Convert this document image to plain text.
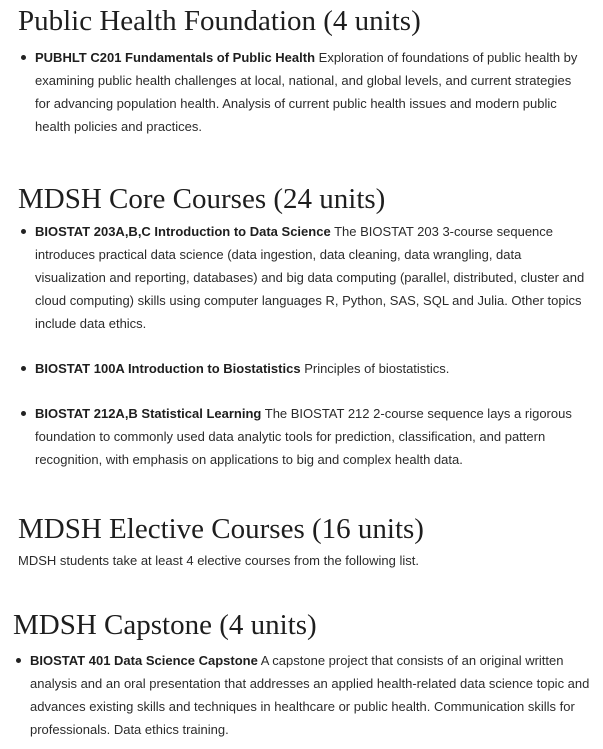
Public Health Foundation (4 units)
PUBHLT C201 Fundamentals of Public Health Exploration of foundations of public health by examining public health challenges at local, national, and global levels, and current strategies for advancing population health. Analysis of current public health issues and modern public health policies and practices.
MDSH Core Courses (24 units)
BIOSTAT 203A,B,C Introduction to Data Science The BIOSTAT 203 3-course sequence introduces practical data science (data ingestion, data cleaning, data wrangling, data visualization and reporting, databases) and big data computing (parallel, distributed, cluster and cloud computing) skills using computer languages R, Python, SAS, SQL and Julia. Other topics include data ethics.
BIOSTAT 100A Introduction to Biostatistics Principles of biostatistics.
BIOSTAT 212A,B Statistical Learning The BIOSTAT 212 2-course sequence lays a rigorous foundation to commonly used data analytic tools for prediction, classification, and pattern recognition, with emphasis on applications to big and complex health data.
MDSH Elective Courses (16 units)
MDSH students take at least 4 elective courses from the following list.
MDSH Capstone (4 units)
BIOSTAT 401 Data Science Capstone A capstone project that consists of an original written analysis and an oral presentation that addresses an applied health-related data science topic and advances existing skills and techniques in healthcare or public health. Communication skills for professionals. Data ethics training.
